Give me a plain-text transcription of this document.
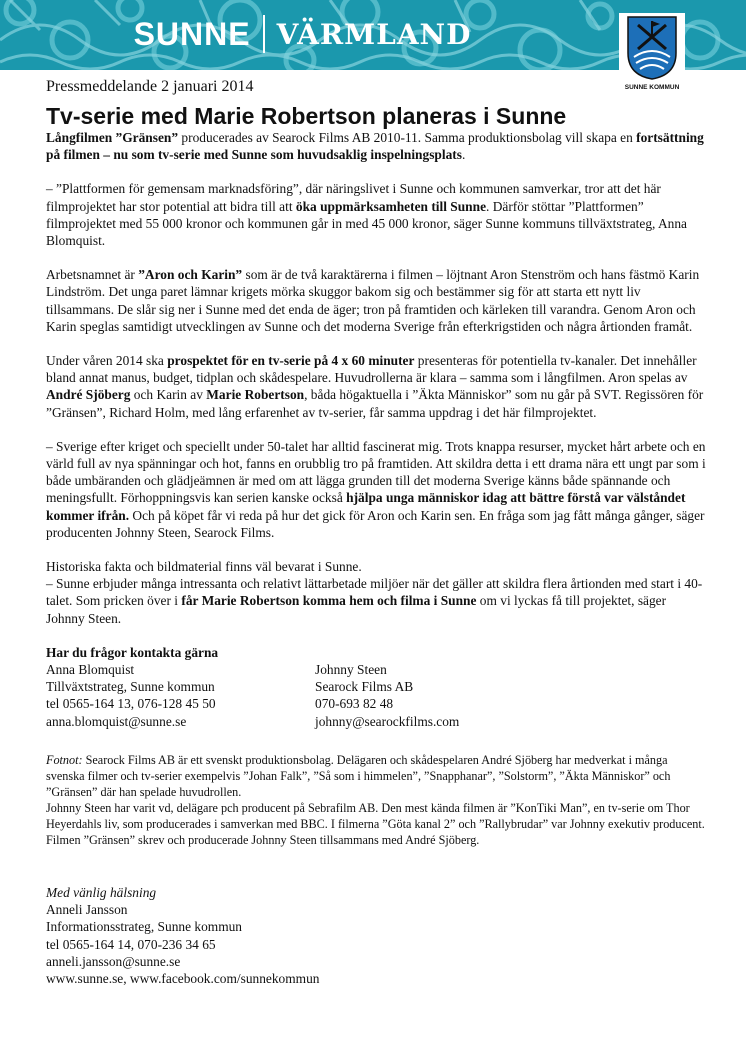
SUNNE VÄRMLAND
SUNNE KOMMUN

Pressmeddelande 2 januari 2014

Tv-serie med Marie Robertson planeras i Sunne

Långfilmen ”Gränsen” producerades av Searock Films AB 2010-11. Samma produktionsbolag vill skapa en fortsättning på filmen – nu som tv-serie med Sunne som huvudsaklig inspelningsplats.

– ”Plattformen för gemensam marknadsföring”, där näringslivet i Sunne och kommunen samverkar, tror att det här filmprojektet har stor potential att bidra till att öka uppmärksamheten till Sunne. Därför stöttar ”Plattformen” filmprojektet med 55 000 kronor och kommunen går in med 45 000 kronor, säger Sunne kommuns tillväxtstrateg, Anna Blomquist.

Arbetsnamnet är ”Aron och Karin” som är de två karaktärerna i filmen – löjtnant Aron Stenström och hans fästmö Karin Lindström. Det unga paret lämnar krigets mörka skuggor bakom sig och bestämmer sig för att starta ett nytt liv tillsammans. De slår sig ner i Sunne med det enda de äger; tron på framtiden och kärleken till varandra. Genom Aron och Karin speglas samtidigt utvecklingen av Sunne och det moderna Sverige från efterkrigstiden och några årtionden framåt.

Under våren 2014 ska prospektet för en tv-serie på 4 x 60 minuter presenteras för potentiella tv-kanaler. Det innehåller bland annat manus, budget, tidplan och skådespelare. Huvudrollerna är klara – samma som i långfilmen. Aron spelas av André Sjöberg och Karin av Marie Robertson, båda högaktuella i ”Äkta Människor” som nu går på SVT. Regissören för ”Gränsen”, Richard Holm, med lång erfarenhet av tv-serier, får samma uppdrag i det här filmprojektet.

– Sverige efter kriget och speciellt under 50-talet har alltid fascinerat mig. Trots knappa resurser, mycket hårt arbete och en värld full av nya spänningar och hot, fanns en orubblig tro på framtiden. Att skildra detta i ett drama nära ett ungt par som i både umbäranden och glädjeämnen är med om att lägga grunden till det moderna Sverige känns både spännande och meningsfullt. Förhoppningsvis kan serien kanske också hjälpa unga människor idag att bättre förstå var välståndet kommer ifrån. Och på köpet får vi reda på hur det gick för Aron och Karin sen. En fråga som jag fått många gånger, säger producenten Johnny Steen, Searock Films.

Historiska fakta och bildmaterial finns väl bevarat i Sunne.

– Sunne erbjuder många intressanta och relativt lättarbetade miljöer när det gäller att skildra flera årtionden med start i 40-talet. Som pricken över i får Marie Robertson komma hem och filma i Sunne om vi lyckas få till projektet, säger Johnny Steen.

Har du frågor kontakta gärna

Anna Blomquist

Tillväxtstrateg, Sunne kommun

tel 0565-164 13, 076-128 45 50

anna.blomquist@sunne.se

Johnny Steen

Searock Films AB

070-693 82 48

johnny@searockfilms.com

Fotnot: Searock Films AB är ett svenskt produktionsbolag. Delägaren och skådespelaren André Sjöberg har medverkat i många svenska filmer och tv-serier exempelvis ”Johan Falk”, ”Så som i himmelen”, ”Snapphanar”, ”Solstorm”, ”Äkta Människor” och ”Gränsen” där han spelade huvudrollen.

Johnny Steen har varit vd, delägare pch producent på Sebrafilm AB. Den mest kända filmen är ”KonTiki Man”, en tv-serie om Thor Heyerdahls liv, som producerades i samverkan med BBC. I filmerna ”Göta kanal 2” och ”Rallybrudar” var Johnny exekutiv producent. Filmen ”Gränsen” skrev och producerade Johnny Steen tillsammans med André Sjöberg.

Med vänlig hälsning

Anneli Jansson

Informationsstrateg, Sunne kommun

tel 0565-164 14, 070-236 34 65

anneli.jansson@sunne.se

www.sunne.se, www.facebook.com/sunnekommun
